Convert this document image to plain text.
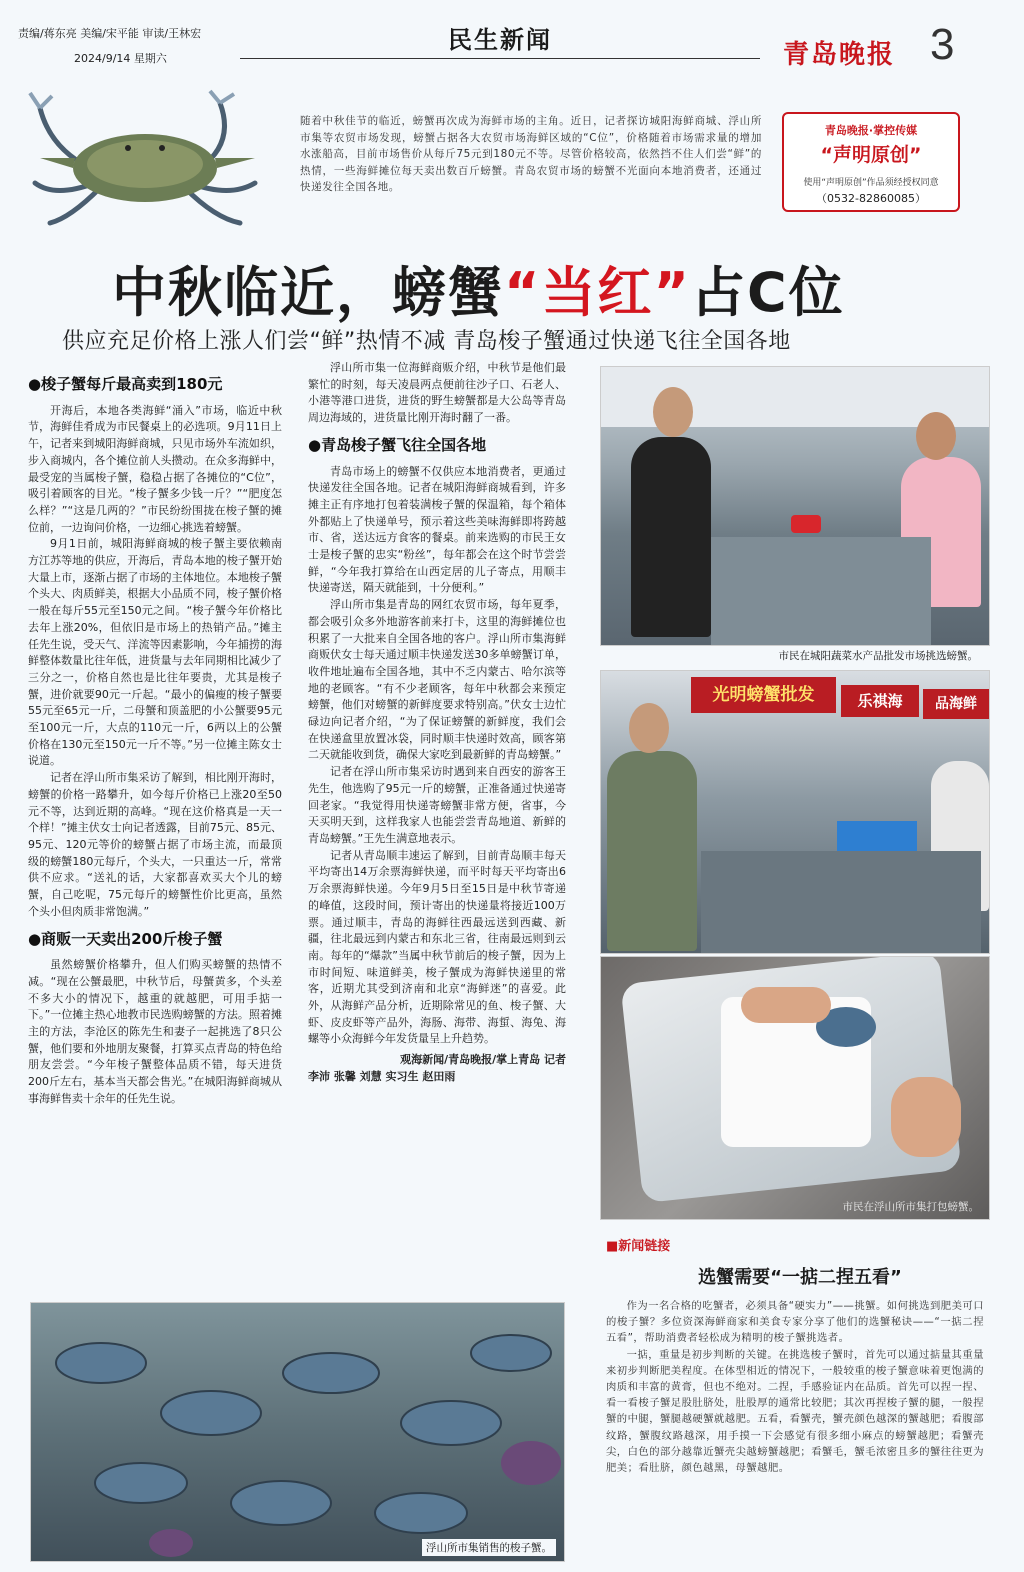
责编/蒋东亮 美编/宋平能 审读/王林宏
2024/9/14 星期六
民生新闻	青岛晚报 3
随着中秋佳节的临近，螃蟹再次成为海鲜市场的主角。近日，记者探访城阳海鲜商城、浮山所市集等农贸市场发现，螃蟹占据各大农贸市场海鲜区域的“C位”，价格随着市场需求量的增加水涨船高，目前市场售价从每斤75元到180元不等。尽管价格较高，依然挡不住人们尝“鲜”的热情，一些海鲜摊位每天卖出数百斤螃蟹。青岛农贸市场的螃蟹不光面向本地消费者，还通过快递发往全国各地。
青岛晚报·掌控传媒
“声明原创”
使用“声明原创”作品须经授权同意
（0532-82860085）
中秋临近，螃蟹“当红”占C位
供应充足价格上涨人们尝“鲜”热情不减 青岛梭子蟹通过快递飞往全国各地
●梭子蟹每斤最高卖到180元

开海后，本地各类海鲜“涌入”市场，临近中秋节，海鲜佳肴成为市民餐桌上的必选项。9月11日上午，记者来到城阳海鲜商城，只见市场外车流如织，步入商城内，各个摊位前人头攒动。在众多海鲜中，最受宠的当属梭子蟹，稳稳占据了各摊位的“C位”，吸引着顾客的目光。“梭子蟹多少钱一斤？”“肥度怎么样？”“这是几两的？”市民纷纷围拢在梭子蟹的摊位前，一边询问价格，一边细心挑选着螃蟹。

9月1日前，城阳海鲜商城的梭子蟹主要依赖南方江苏等地的供应，开海后，青岛本地的梭子蟹开始大量上市，逐渐占据了市场的主体地位。本地梭子蟹个头大、肉质鲜美，根据大小品质不同，梭子蟹价格一般在每斤55元至150元之间。“梭子蟹今年价格比去年上涨20%，但依旧是市场上的热销产品。”摊主任先生说，受天气、洋流等因素影响，今年捕捞的海鲜整体数量比往年低，进货量与去年同期相比减少了三分之一，价格自然也是比往年要贵，尤其是梭子蟹，进价就要90元一斤起。“最小的偏瘦的梭子蟹要55元至65元一斤，二母蟹和顶盖肥的小公蟹要95元至100元一斤，大点的110元一斤，6两以上的公蟹价格在130元至150元一斤不等。”另一位摊主陈女士说道。

记者在浮山所市集采访了解到，相比刚开海时，螃蟹的价格一路攀升，如今每斤价格已上涨20至50元不等，达到近期的高峰。“现在这价格真是一天一个样！”摊主伏女士向记者透露，目前75元、85元、95元、120元等价的螃蟹占据了市场主流，而最顶级的螃蟹180元每斤，个头大，一只重达一斤，常常供不应求。“送礼的话，大家都喜欢买大个儿的螃蟹，自己吃呢，75元每斤的螃蟹性价比更高，虽然个头小但肉质非常饱满。”

●商贩一天卖出200斤梭子蟹

虽然螃蟹价格攀升，但人们购买螃蟹的热情不减。“现在公蟹最肥，中秋节后，母蟹黄多，个头差不多大小的情况下，越重的就越肥，可用手掂一下。”一位摊主热心地教市民选购螃蟹的方法。照着摊主的方法，李沧区的陈先生和妻子一起挑选了8只公蟹，他们要和外地朋友聚餐，打算买点青岛的特色给朋友尝尝。“今年梭子蟹整体品质不错，每天进货200斤左右，基本当天都会售光。”在城阳海鲜商城从事海鲜售卖十余年的任先生说。

浮山所市集一位海鲜商贩介绍，中秋节是他们最繁忙的时刻，每天凌晨两点便前往沙子口、石老人、小港等港口进货，进货的野生螃蟹都是大公岛等青岛周边海域的，进货量比刚开海时翻了一番。

●青岛梭子蟹飞往全国各地

青岛市场上的螃蟹不仅供应本地消费者，更通过快递发往全国各地。记者在城阳海鲜商城看到，许多摊主正有序地打包着装满梭子蟹的保温箱，每个箱体外都贴上了快递单号，预示着这些美味海鲜即将跨越市、省，送达远方食客的餐桌。前来选购的市民王女士是梭子蟹的忠实“粉丝”，每年都会在这个时节尝尝鲜，“今年我打算给在山西定居的儿子寄点，用顺丰快递寄送，隔天就能到，十分便利。”

浮山所市集是青岛的网红农贸市场，每年夏季，都会吸引众多外地游客前来打卡，这里的海鲜摊位也积累了一大批来自全国各地的客户。浮山所市集海鲜商贩伏女士每天通过顺丰快递发送30多单螃蟹订单，收件地址遍布全国各地，其中不乏内蒙古、哈尔滨等地的老顾客。“有不少老顾客，每年中秋都会来预定螃蟹，他们对螃蟹的新鲜度要求特别高。”伏女士边忙碌边向记者介绍，“为了保证螃蟹的新鲜度，我们会在快递盒里放置冰袋，同时顺丰快递时效高，顾客第二天就能收到货，确保大家吃到最新鲜的青岛螃蟹。”

记者在浮山所市集采访时遇到来自西安的游客王先生，他选购了95元一斤的螃蟹，正准备通过快递寄回老家。“我觉得用快递寄螃蟹非常方便，省事，今天买明天到，这样我家人也能尝尝青岛地道、新鲜的青岛螃蟹。”王先生满意地表示。

记者从青岛顺丰速运了解到，目前青岛顺丰每天平均寄出14万余票海鲜快递，而平时每天平均寄出6万余票海鲜快递。今年9月5日至15日是中秋节寄递的峰值，这段时间，预计寄出的快递量将接近100万票。通过顺丰，青岛的海鲜往西最远送到西藏、新疆，往北最远到内蒙古和东北三省，往南最远则到云南。每年的“爆款”当属中秋节前后的梭子蟹，因为上市时间短、味道鲜美，梭子蟹成为海鲜快递里的常客，近期尤其受到济南和北京“海鲜迷”的喜爱。此外，从海鲜产品分析，近期除常见的鱼、梭子蟹、大虾、皮皮虾等产品外，海肠、海带、海蜇、海兔、海螺等小众海鲜今年发货量呈上升趋势。

观海新闻/青岛晚报/掌上青岛 记者
李沛 张馨 刘慧 实习生 赵田雨
市民在城阳蔬菜水产品批发市场挑选螃蟹。
光明螃蟹批发	乐祺海	品海鲜
市民在浮山所市集打包螃蟹。
■新闻链接
选蟹需要“一掂二捏五看”

作为一名合格的吃蟹者，必须具备“硬实力”——挑蟹。如何挑选到肥美可口的梭子蟹？多位资深海鲜商家和美食专家分享了他们的选蟹秘诀——“一掂二捏五看”，帮助消费者轻松成为精明的梭子蟹挑选者。

一掂，重量是初步判断的关键。在挑选梭子蟹时，首先可以通过掂量其重量来初步判断肥美程度。在体型相近的情况下，一般较重的梭子蟹意味着更饱满的肉质和丰富的黄膏，但也不绝对。二捏，手感验证内在品质。首先可以捏一捏、看一看梭子蟹足股肚脐处，肚股厚的通常比较肥；其次再捏梭子蟹的腿，一般捏蟹的中腿，蟹腿越硬蟹就越肥。五看，看蟹壳，蟹壳颜色越深的蟹越肥；看腹部纹路，蟹腹纹路越深，用手摸一下会感觉有很多细小麻点的螃蟹越肥；看蟹壳尖，白色的部分越靠近蟹壳尖越螃蟹越肥；看蟹毛，蟹毛浓密且多的蟹往往更为肥美；看肚脐，颜色越黑，母蟹越肥。

浮山所市集销售的梭子蟹。
